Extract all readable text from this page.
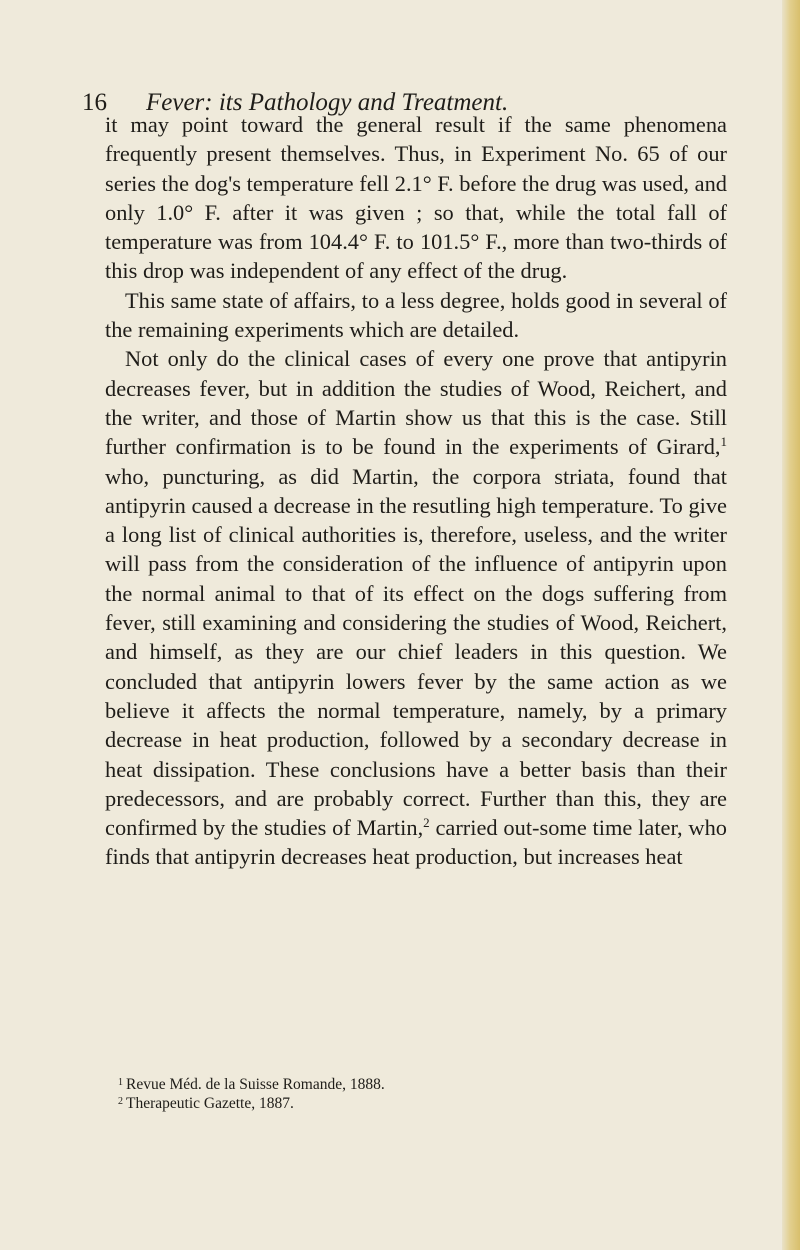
16 Fever: its Pathology and Treatment.

it may point toward the general result if the same phenomena frequently present themselves. Thus, in Experiment No. 65 of our series the dog's temperature fell 2.1° F. before the drug was used, and only 1.0° F. after it was given ; so that, while the total fall of temperature was from 104.4° F. to 101.5° F., more than two-thirds of this drop was independent of any effect of the drug.

This same state of affairs, to a less degree, holds good in several of the remaining experiments which are detailed.

Not only do the clinical cases of every one prove that antipyrin decreases fever, but in addition the studies of Wood, Reichert, and the writer, and those of Martin show us that this is the case. Still further confirmation is to be found in the experiments of Girard,$^1$ who, puncturing, as did Martin, the corpora striata, found that antipyrin caused a decrease in the resutling high temperature. To give a long list of clinical authorities is, therefore, useless, and the writer will pass from the consideration of the influence of antipyrin upon the normal animal to that of its effect on the dogs suffering from fever, still examining and considering the studies of Wood, Reichert, and himself, as they are our chief leaders in this question. We concluded that antipyrin lowers fever by the same action as we believe it affects the normal temperature, namely, by a primary decrease in heat production, followed by a secondary decrease in heat dissipation. These conclusions have a better basis than their predecessors, and are probably correct. Further than this, they are confirmed by the studies of Martin,$^2$ carried out-some time later, who finds that antipyrin decreases heat production, but increases heat

$^1$ Revue Méd. de la Suisse Romande, 1888.
$^2$ Therapeutic Gazette, 1887.
